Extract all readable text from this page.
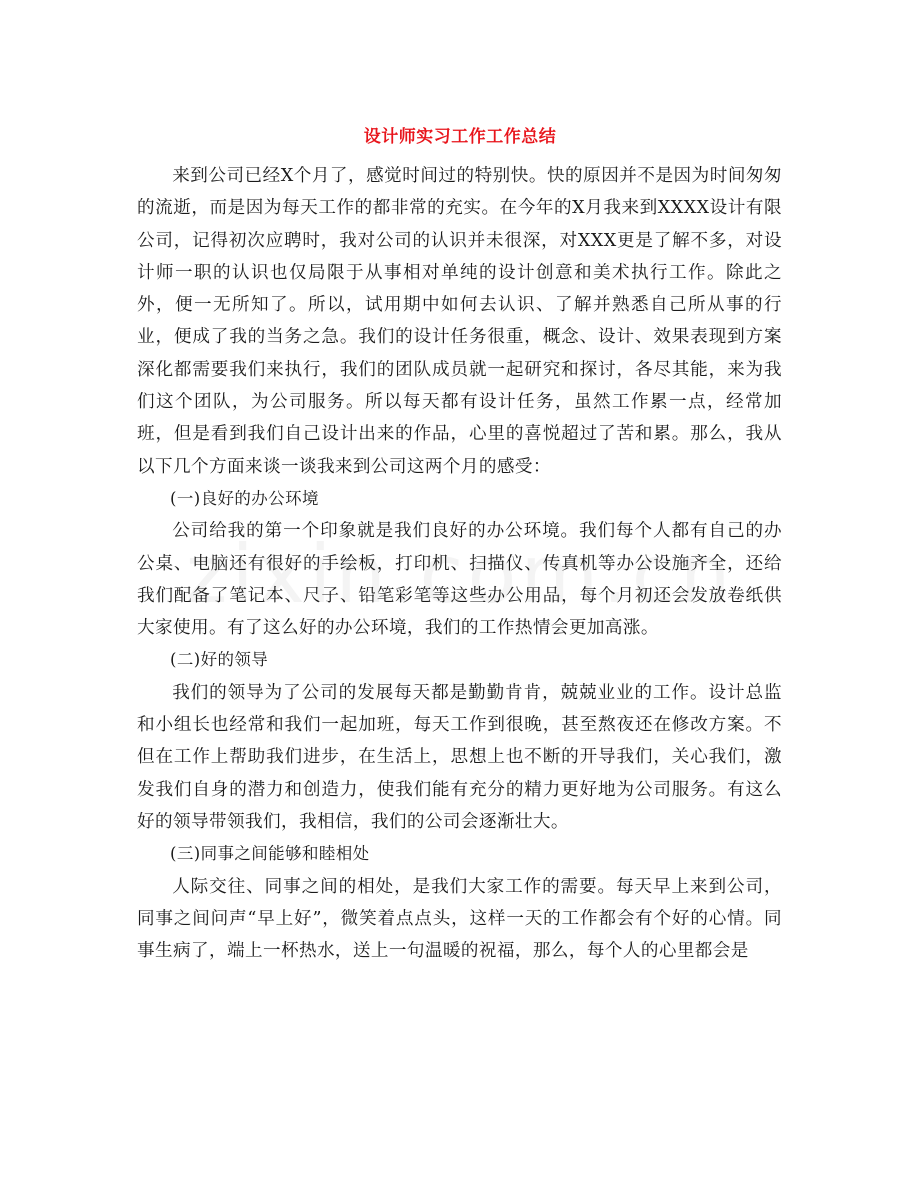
设计师实习工作工作总结

来到公司已经X个月了，感觉时间过的特别快。快的原因并不是因为时间匆匆的流逝，而是因为每天工作的都非常的充实。在今年的X月我来到XXXX设计有限公司，记得初次应聘时，我对公司的认识并未很深，对XXX更是了解不多，对设计师一职的认识也仅局限于从事相对单纯的设计创意和美术执行工作。除此之外，便一无所知了。所以，试用期中如何去认识、了解并熟悉自己所从事的行业，便成了我的当务之急。我们的设计任务很重，概念、设计、效果表现到方案深化都需要我们来执行，我们的团队成员就一起研究和探讨，各尽其能，来为我们这个团队，为公司服务。所以每天都有设计任务，虽然工作累一点，经常加班，但是看到我们自己设计出来的作品，心里的喜悦超过了苦和累。那么，我从以下几个方面来谈一谈我来到公司这两个月的感受：

(一)良好的办公环境

公司给我的第一个印象就是我们良好的办公环境。我们每个人都有自己的办公桌、电脑还有很好的手绘板，打印机、扫描仪、传真机等办公设施齐全，还给我们配备了笔记本、尺子、铅笔彩笔等这些办公用品，每个月初还会发放卷纸供大家使用。有了这么好的办公环境，我们的工作热情会更加高涨。

(二)好的领导

我们的领导为了公司的发展每天都是勤勤肯肯，兢兢业业的工作。设计总监和小组长也经常和我们一起加班，每天工作到很晚，甚至熬夜还在修改方案。不但在工作上帮助我们进步，在生活上，思想上也不断的开导我们，关心我们，激发我们自身的潜力和创造力，使我们能有充分的精力更好地为公司服务。有这么好的领导带领我们，我相信，我们的公司会逐渐壮大。

(三)同事之间能够和睦相处

人际交往、同事之间的相处，是我们大家工作的需要。每天早上来到公司，同事之间问声“早上好”，微笑着点点头，这样一天的工作都会有个好的心情。同事生病了，端上一杯热水，送上一句温暖的祝福，那么，每个人的心里都会是
